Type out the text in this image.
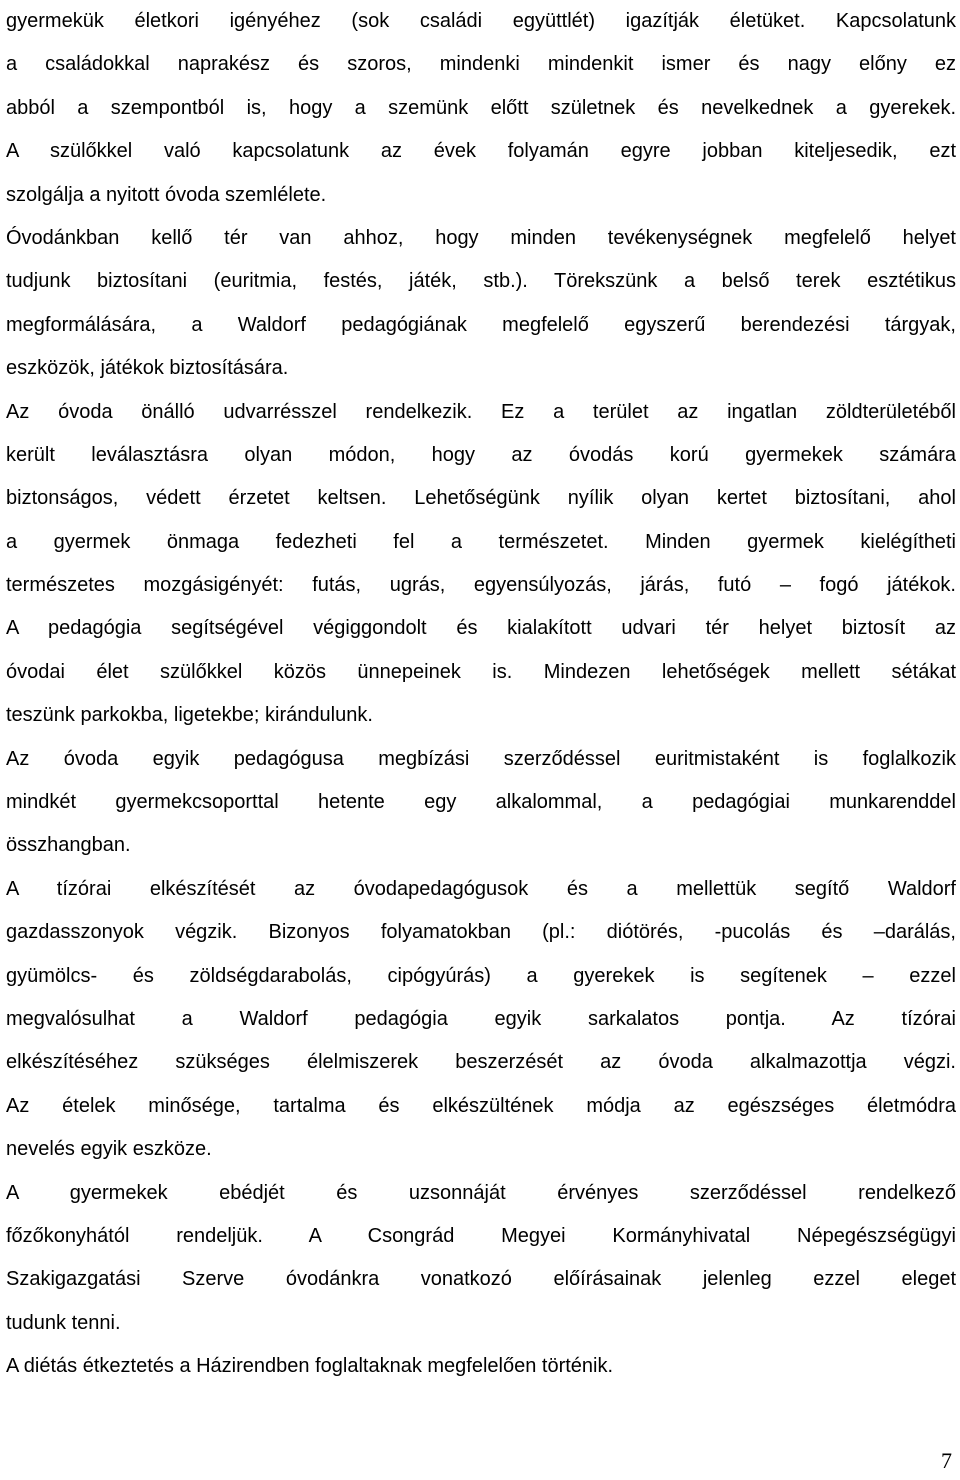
gyermekük életkori igényéhez (sok családi együttlét) igazítják életüket. Kapcsolatunk
a családokkal naprakész és szoros, mindenki mindenkit ismer és nagy előny ez
abból a szempontból is, hogy a szemünk előtt születnek és nevelkednek a gyerekek.
A szülőkkel való kapcsolatunk az évek folyamán egyre jobban kiteljesedik, ezt
szolgálja a nyitott óvoda szemlélete.
Óvodánkban kellő tér van ahhoz, hogy minden tevékenységnek megfelelő helyet
tudjunk biztosítani (euritmia, festés, játék, stb.). Törekszünk a belső terek esztétikus
megformálására, a Waldorf pedagógiának megfelelő egyszerű berendezési tárgyak,
eszközök, játékok biztosítására.
Az óvoda önálló udvarrésszel rendelkezik. Ez a terület az ingatlan zöldterületéből
került leválasztásra olyan módon, hogy az óvodás korú gyermekek számára
biztonságos, védett érzetet keltsen. Lehetőségünk nyílik olyan kertet biztosítani, ahol
a gyermek önmaga fedezheti fel a természetet. Minden gyermek kielégítheti
természetes mozgásigényét: futás, ugrás, egyensúlyozás, járás, futó – fogó játékok.
A pedagógia segítségével végiggondolt és kialakított udvari tér helyet biztosít az
óvodai élet szülőkkel közös ünnepeinek is. Mindezen lehetőségek mellett sétákat
teszünk parkokba, ligetekbe; kirándulunk.
Az óvoda egyik pedagógusa megbízási szerződéssel euritmistaként is foglalkozik
mindkét gyermekcsoporttal hetente egy alkalommal, a pedagógiai munkarenddel
összhangban.
A tízórai elkészítését az óvodapedagógusok és a mellettük segítő Waldorf
gazdasszonyok végzik. Bizonyos folyamatokban (pl.: diótörés, -pucolás és –darálás,
gyümölcs- és zöldségdarabolás, cipógyúrás) a gyerekek is segítenek – ezzel
megvalósulhat a Waldorf pedagógia egyik sarkalatos pontja. Az tízórai
elkészítéséhez szükséges élelmiszerek beszerzését az óvoda alkalmazottja végzi.
Az ételek minősége, tartalma és elkészültének módja az egészséges életmódra
nevelés egyik eszköze.
A gyermekek ebédjét és uzsonnáját érvényes szerződéssel rendelkező
főzőkonyhától rendeljük. A Csongrád Megyei Kormányhivatal Népegészségügyi
Szakigazgatási Szerve óvodánkra vonatkozó előírásainak jelenleg ezzel eleget
tudunk tenni.
A diétás étkeztetés a Házirendben foglaltaknak megfelelően történik.
7
